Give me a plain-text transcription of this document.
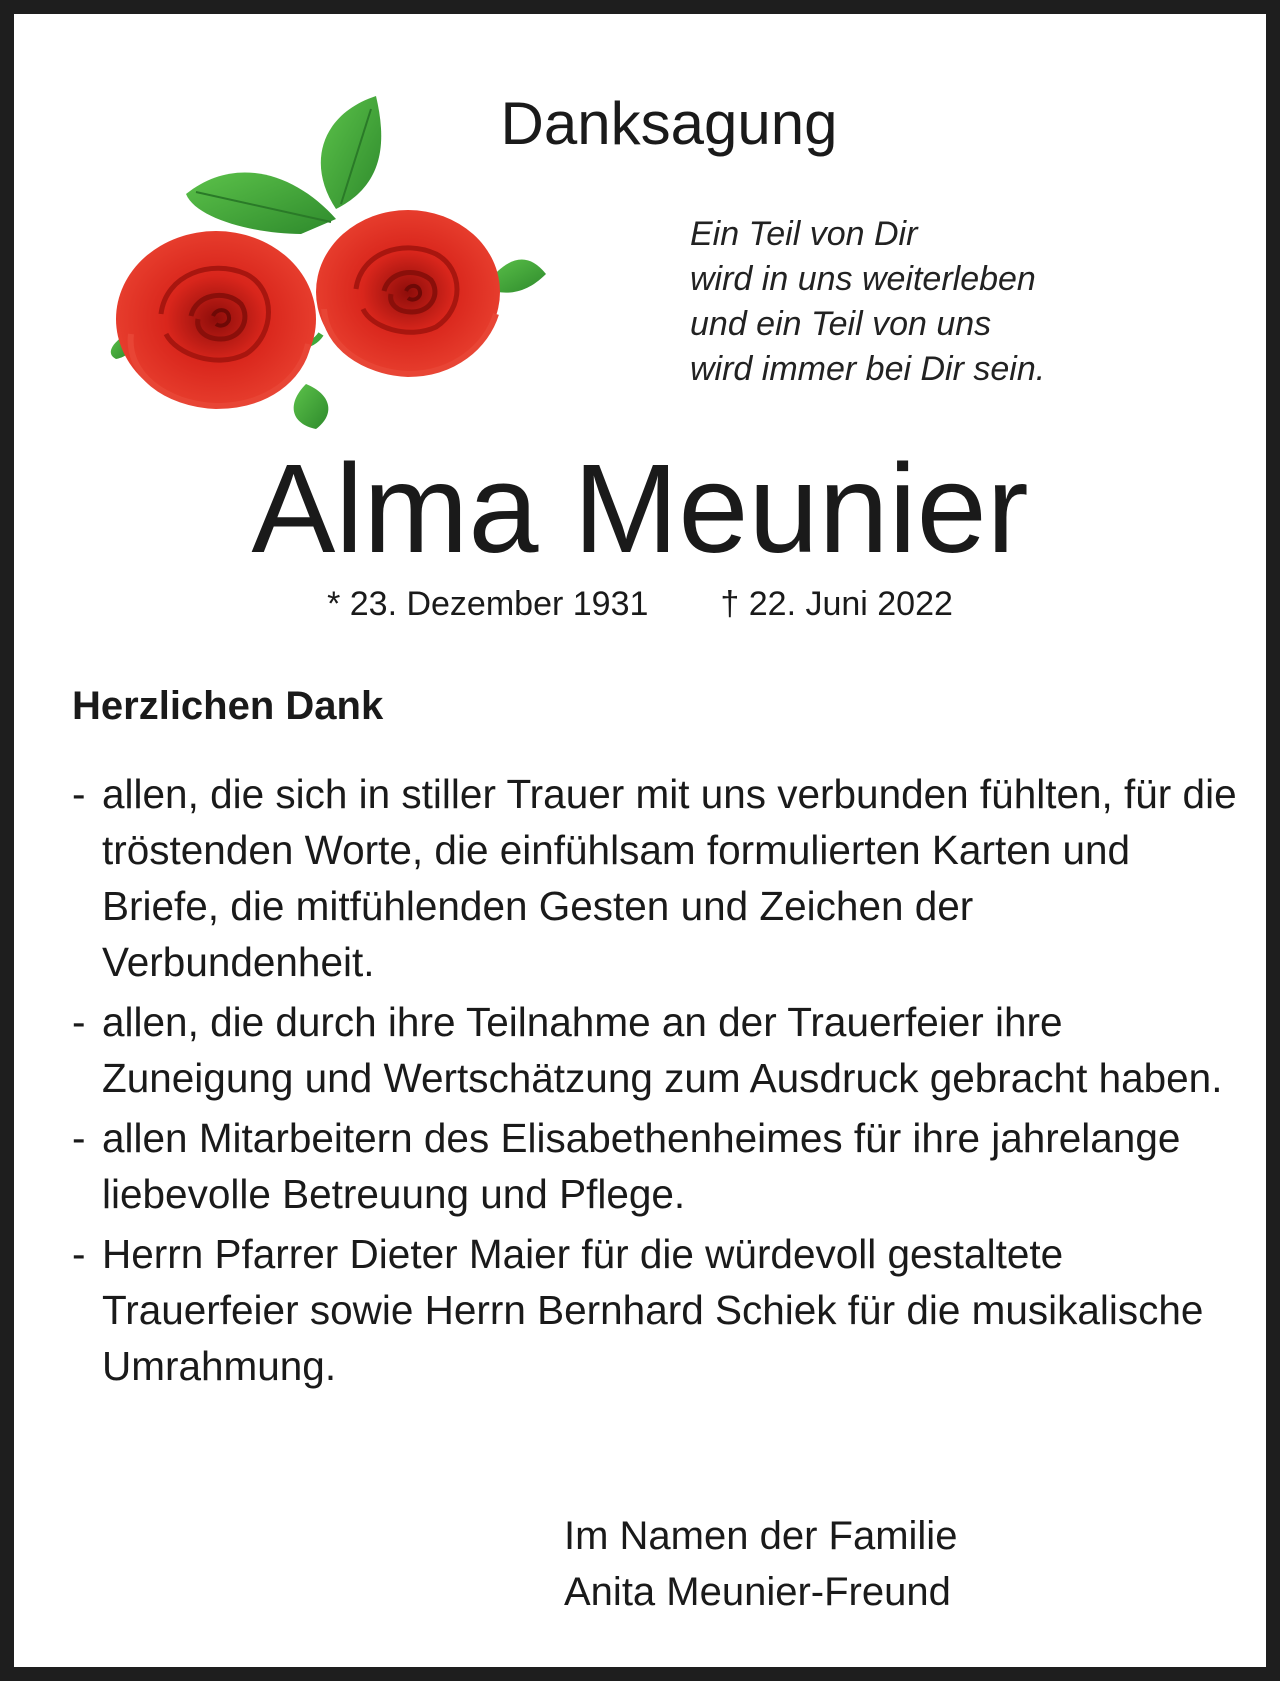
Danksagung
Ein Teil von Dir
wird in uns weiterleben
und ein Teil von uns
wird immer bei Dir sein.
Alma Meunier
* 23. Dezember 1931 † 22. Juni 2022
Herzlichen Dank
- allen, die sich in stiller Trauer mit uns verbunden fühlten, für die tröstenden Worte, die einfühlsam formulierten Karten und Briefe, die mitfühlenden Gesten und Zeichen der Verbundenheit.
- allen, die durch ihre Teilnahme an der Trauerfeier ihre Zuneigung und Wertschätzung zum Ausdruck gebracht haben.
- allen Mitarbeitern des Elisabethenheimes für ihre jahrelange liebevolle Betreuung und Pflege.
- Herrn Pfarrer Dieter Maier für die würdevoll gestaltete Trauerfeier sowie Herrn Bernhard Schiek für die musikalische Umrahmung.
Im Namen der Familie
Anita Meunier-Freund
